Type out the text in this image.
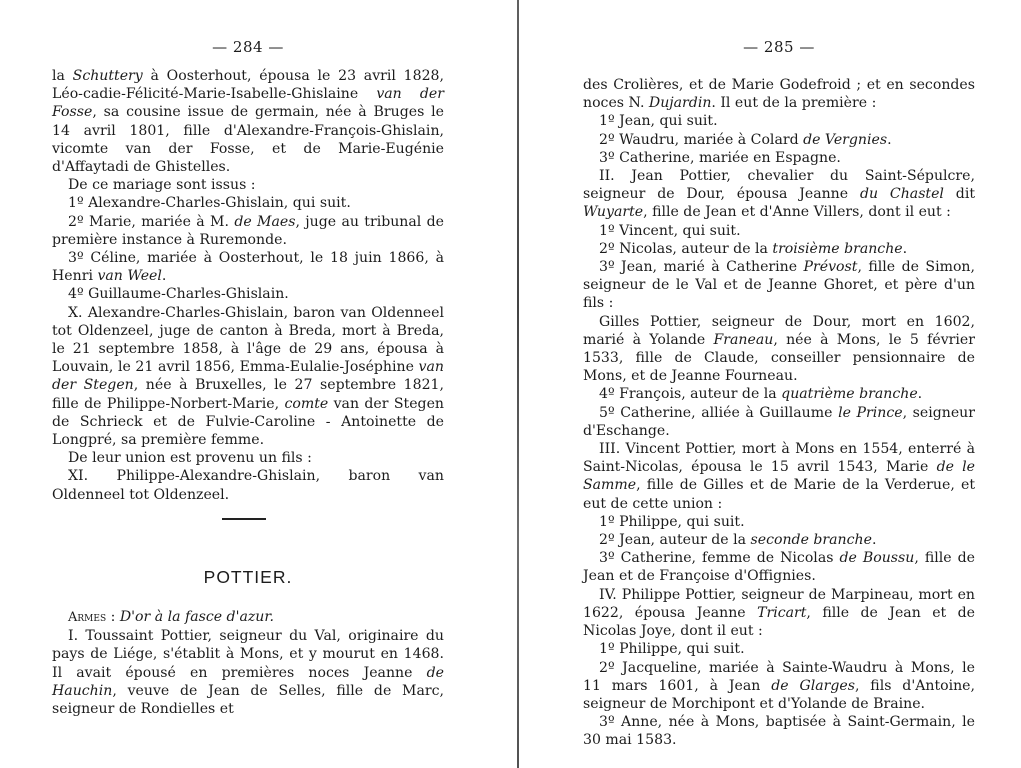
— 284 —

la Schuttery à Oosterhout, épousa le 23 avril 1828, Léo-cadie-Félicité-Marie-Isabelle-Ghislaine van der Fosse, sa cousine issue de germain, née à Bruges le 14 avril 1801, fille d'Alexandre-François-Ghislain, vicomte van der Fosse, et de Marie-Eugénie d'Affaytadi de Ghistelles.

De ce mariage sont issus :

1º Alexandre-Charles-Ghislain, qui suit.

2º Marie, mariée à M. de Maes, juge au tribunal de première instance à Ruremonde.

3º Céline, mariée à Oosterhout, le 18 juin 1866, à Henri van Weel.

4º Guillaume-Charles-Ghislain.

X. Alexandre-Charles-Ghislain, baron van Oldenneel tot Oldenzeel, juge de canton à Breda, mort à Breda, le 21 septembre 1858, à l'âge de 29 ans, épousa à Louvain, le 21 avril 1856, Emma-Eulalie-Joséphine van der Stegen, née à Bruxelles, le 27 septembre 1821, fille de Philippe-Norbert-Marie, comte van der Stegen de Schrieck et de Fulvie-Caroline - Antoinette de Longpré, sa première femme.

De leur union est provenu un fils :

XI. Philippe-Alexandre-Ghislain, baron van Oldenneel tot Oldenzeel.

POTTIER.

Armes : D'or à la fasce d'azur.

I. Toussaint Pottier, seigneur du Val, originaire du pays de Liége, s'établit à Mons, et y mourut en 1468. Il avait épousé en premières noces Jeanne de Hauchin, veuve de Jean de Selles, fille de Marc, seigneur de Rondielles et

— 285 —

des Crolières, et de Marie Godefroid ; et en secondes noces N. Dujardin. Il eut de la première :

1º Jean, qui suit.

2º Waudru, mariée à Colard de Vergnies.

3º Catherine, mariée en Espagne.

II. Jean Pottier, chevalier du Saint-Sépulcre, seigneur de Dour, épousa Jeanne du Chastel dit Wuyarte, fille de Jean et d'Anne Villers, dont il eut :

1º Vincent, qui suit.

2º Nicolas, auteur de la troisième branche.

3º Jean, marié à Catherine Prévost, fille de Simon, seigneur de le Val et de Jeanne Ghoret, et père d'un fils :

Gilles Pottier, seigneur de Dour, mort en 1602, marié à Yolande Franeau, née à Mons, le 5 février 1533, fille de Claude, conseiller pensionnaire de Mons, et de Jeanne Fourneau.

4º François, auteur de la quatrième branche.

5º Catherine, alliée à Guillaume le Prince, seigneur d'Eschange.

III. Vincent Pottier, mort à Mons en 1554, enterré à Saint-Nicolas, épousa le 15 avril 1543, Marie de le Samme, fille de Gilles et de Marie de la Verderue, et eut de cette union :

1º Philippe, qui suit.

2º Jean, auteur de la seconde branche.

3º Catherine, femme de Nicolas de Boussu, fille de Jean et de Françoise d'Offignies.

IV. Philippe Pottier, seigneur de Marpineau, mort en 1622, épousa Jeanne Tricart, fille de Jean et de Nicolas Joye, dont il eut :

1º Philippe, qui suit.

2º Jacqueline, mariée à Sainte-Waudru à Mons, le 11 mars 1601, à Jean de Glarges, fils d'Antoine, seigneur de Morchipont et d'Yolande de Braine.

3º Anne, née à Mons, baptisée à Saint-Germain, le 30 mai 1583.
